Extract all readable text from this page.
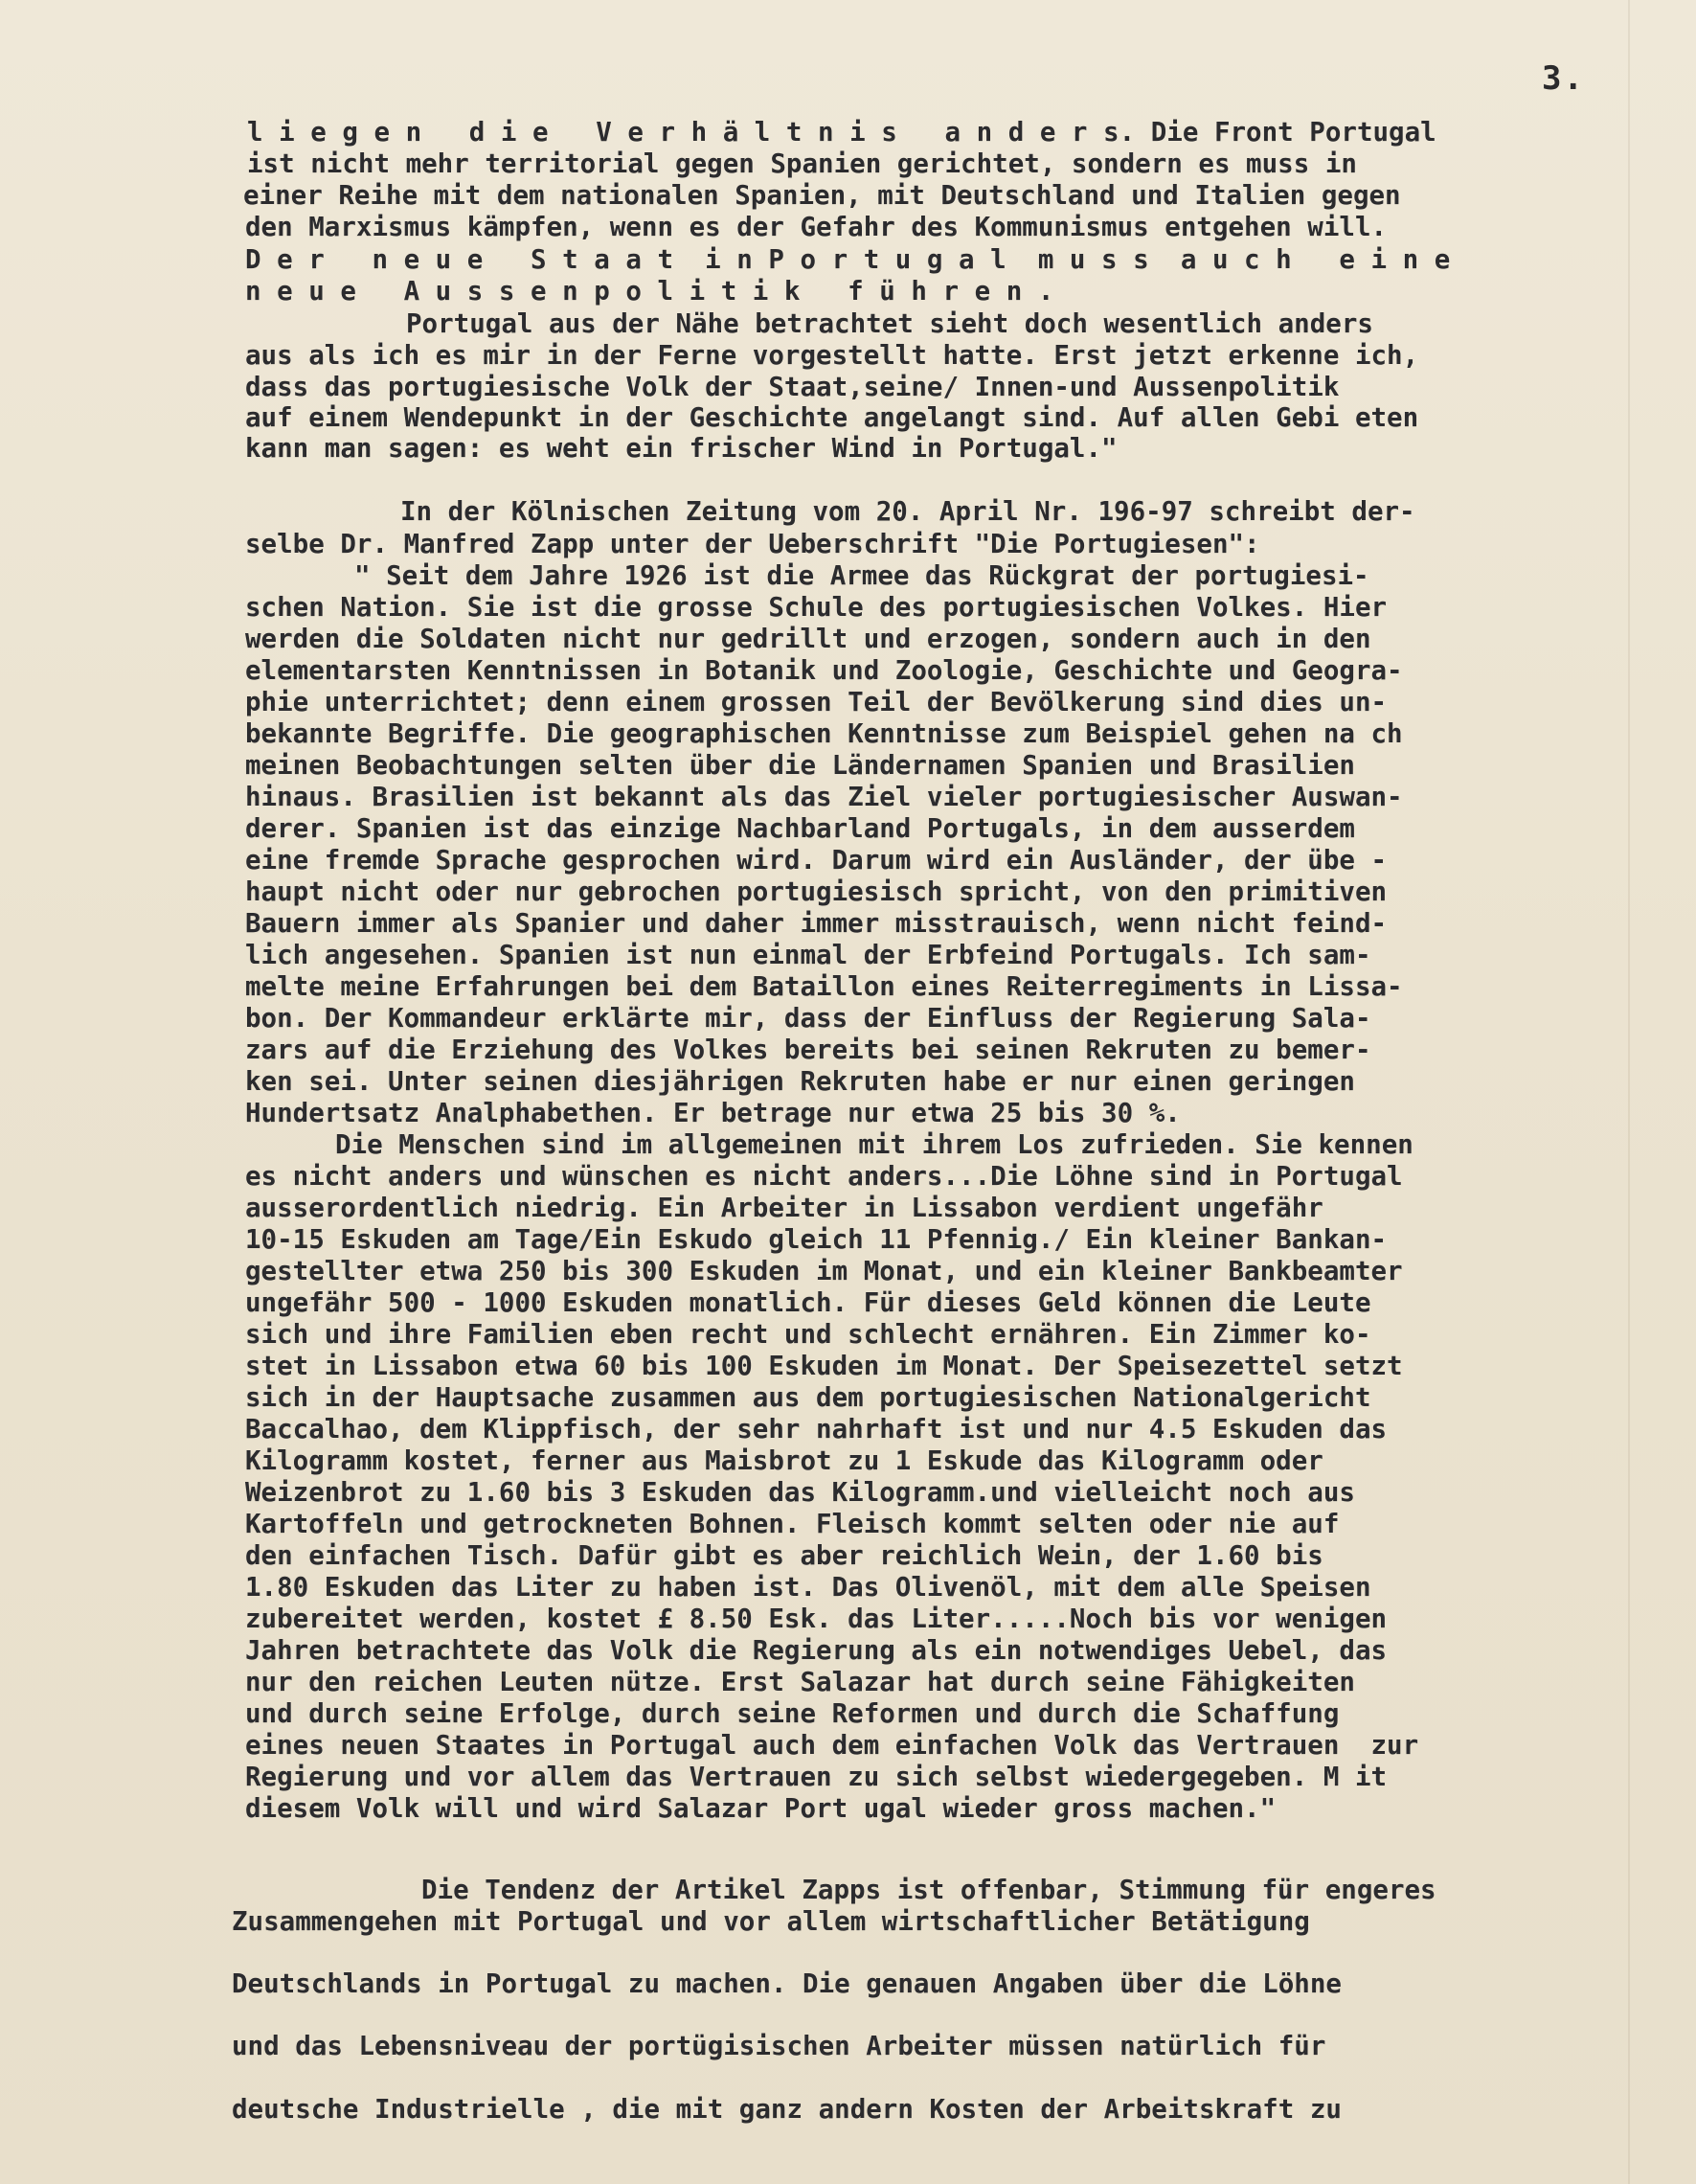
3.
l i e g e n   d i e   V e r h ä l t n i s   a n d e r s. Die Front Portugal
ist nicht mehr territorial gegen Spanien gerichtet, sondern es muss in
einer Reihe mit dem nationalen Spanien, mit Deutschland und Italien gegen
den Marxismus kämpfen, wenn es der Gefahr des Kommunismus entgehen will.
D e r   n e u e   S t a a t  i n P o r t u g a l  m u s s  a u c h   e i n e
n e u e   A u s s e n p o l i t i k   f ü h r e n .
Portugal aus der Nähe betrachtet sieht doch wesentlich anders
aus als ich es mir in der Ferne vorgestellt hatte. Erst jetzt erkenne ich,
dass das portugiesische Volk der Staat,seine/ Innen-und Aussenpolitik
auf einem Wendepunkt in der Geschichte angelangt sind. Auf allen Gebi eten
kann man sagen: es weht ein frischer Wind in Portugal."
In der Kölnischen Zeitung vom 20. April Nr. 196-97 schreibt der-
selbe Dr. Manfred Zapp unter der Ueberschrift "Die Portugiesen":
" Seit dem Jahre 1926 ist die Armee das Rückgrat der portugiesi-
schen Nation. Sie ist die grosse Schule des portugiesischen Volkes. Hier
werden die Soldaten nicht nur gedrillt und erzogen, sondern auch in den
elementarsten Kenntnissen in Botanik und Zoologie, Geschichte und Geogra-
phie unterrichtet; denn einem grossen Teil der Bevölkerung sind dies un-
bekannte Begriffe. Die geographischen Kenntnisse zum Beispiel gehen na ch
meinen Beobachtungen selten über die Ländernamen Spanien und Brasilien
hinaus. Brasilien ist bekannt als das Ziel vieler portugiesischer Auswan-
derer. Spanien ist das einzige Nachbarland Portugals, in dem ausserdem
eine fremde Sprache gesprochen wird. Darum wird ein Ausländer, der übe -
haupt nicht oder nur gebrochen portugiesisch spricht, von den primitiven
Bauern immer als Spanier und daher immer misstrauisch, wenn nicht feind-
lich angesehen. Spanien ist nun einmal der Erbfeind Portugals. Ich sam-
melte meine Erfahrungen bei dem Bataillon eines Reiterregiments in Lissa-
bon. Der Kommandeur erklärte mir, dass der Einfluss der Regierung Sala-
zars auf die Erziehung des Volkes bereits bei seinen Rekruten zu bemer-
ken sei. Unter seinen diesjährigen Rekruten habe er nur einen geringen
Hundertsatz Analphabethen. Er betrage nur etwa 25 bis 30 %.
Die Menschen sind im allgemeinen mit ihrem Los zufrieden. Sie kennen
es nicht anders und wünschen es nicht anders...Die Löhne sind in Portugal
ausserordentlich niedrig. Ein Arbeiter in Lissabon verdient ungefähr
10-15 Eskuden am Tage/Ein Eskudo gleich 11 Pfennig./ Ein kleiner Bankan-
gestellter etwa 250 bis 300 Eskuden im Monat, und ein kleiner Bankbeamter
ungefähr 500 - 1000 Eskuden monatlich. Für dieses Geld können die Leute
sich und ihre Familien eben recht und schlecht ernähren. Ein Zimmer ko-
stet in Lissabon etwa 60 bis 100 Eskuden im Monat. Der Speisezettel setzt
sich in der Hauptsache zusammen aus dem portugiesischen Nationalgericht
Baccalhao, dem Klippfisch, der sehr nahrhaft ist und nur 4.5 Eskuden das
Kilogramm kostet, ferner aus Maisbrot zu 1 Eskude das Kilogramm oder
Weizenbrot zu 1.60 bis 3 Eskuden das Kilogramm.und vielleicht noch aus
Kartoffeln und getrockneten Bohnen. Fleisch kommt selten oder nie auf
den einfachen Tisch. Dafür gibt es aber reichlich Wein, der 1.60 bis
1.80 Eskuden das Liter zu haben ist. Das Olivenöl, mit dem alle Speisen
zubereitet werden, kostet £ 8.50 Esk. das Liter.....Noch bis vor wenigen
Jahren betrachtete das Volk die Regierung als ein notwendiges Uebel, das
nur den reichen Leuten nütze. Erst Salazar hat durch seine Fähigkeiten
und durch seine Erfolge, durch seine Reformen und durch die Schaffung
eines neuen Staates in Portugal auch dem einfachen Volk das Vertrauen  zur
Regierung und vor allem das Vertrauen zu sich selbst wiedergegeben. M it
diesem Volk will und wird Salazar Port ugal wieder gross machen."
Die Tendenz der Artikel Zapps ist offenbar, Stimmung für engeres
Zusammengehen mit Portugal und vor allem wirtschaftlicher Betätigung
Deutschlands in Portugal zu machen. Die genauen Angaben über die Löhne
und das Lebensniveau der portügisischen Arbeiter müssen natürlich für
deutsche Industrielle , die mit ganz andern Kosten der Arbeitskraft zu
